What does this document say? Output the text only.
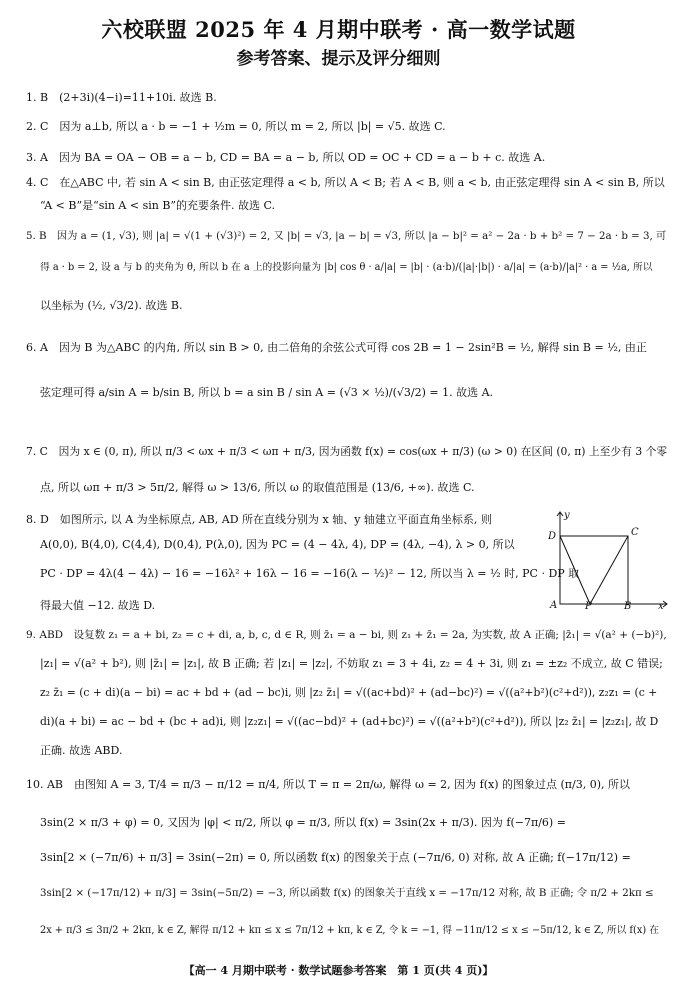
六校联盟 2025 年 4 月期中联考 · 高一数学试题
参考答案、提示及评分细则
1. B　(2+3i)(4−i)=11+10i. 故选 B.
2. C　因为 a⊥b, 所以 a · b = −1 + ½m = 0, 所以 m = 2, 所以 |b| = √5. 故选 C.
3. A　因为 BA = OA − OB = a − b, CD = BA = a − b, 所以 OD = OC + CD = a − b + c. 故选 A.
4. C　在△ABC 中, 若 sin A < sin B, 由正弦定理得 a < b, 所以 A < B; 若 A < B, 则 a < b, 由正弦定理得 sin A < sin B, 所以
“A < B”是“sin A < sin B”的充要条件. 故选 C.
5. B　因为 a = (1, √3), 则 |a| = √(1 + (√3)²) = 2, 又 |b| = √3, |a − b| = √3, 所以 |a − b|² = a² − 2a · b + b² = 7 − 2a · b = 3, 可
得 a · b = 2, 设 a 与 b 的夹角为 θ, 所以 b 在 a 上的投影向量为 |b| cos θ · a/|a| = |b| · (a·b)/(|a|·|b|) · a/|a| = (a·b)/|a|² · a = ½a, 所以
以坐标为 (½, √3/2). 故选 B.
6. A　因为 B 为△ABC 的内角, 所以 sin B > 0, 由二倍角的余弦公式可得 cos 2B = 1 − 2sin²B = ½, 解得 sin B = ½, 由正
弦定理可得 a/sin A = b/sin B, 所以 b = a sin B / sin A = (√3 × ½)/(√3/2) = 1. 故选 A.
7. C　因为 x ∈ (0, π), 所以 π/3 < ωx + π/3 < ωπ + π/3, 因为函数 f(x) = cos(ωx + π/3) (ω > 0) 在区间 (0, π) 上至少有 3 个零
点, 所以 ωπ + π/3 > 5π/2, 解得 ω > 13/6, 所以 ω 的取值范围是 (13/6, +∞). 故选 C.
8. D　如图所示, 以 A 为坐标原点, AB, AD 所在直线分别为 x 轴、y 轴建立平面直角坐标系, 则
A(0,0), B(4,0), C(4,4), D(0,4), P(λ,0), 因为 PC = (4 − 4λ, 4), DP = (4λ, −4), λ > 0, 所以
PC · DP = 4λ(4 − 4λ) − 16 = −16λ² + 16λ − 16 = −16(λ − ½)² − 12, 所以当 λ = ½ 时, PC · DP 取
得最大值 −12. 故选 D.
9. ABD　设复数 z₁ = a + bi, z₂ = c + di, a, b, c, d ∈ R, 则 z̄₁ = a − bi, 则 z₁ + z̄₁ = 2a, 为实数, 故 A 正确; |z̄₁| = √(a² + (−b)²),
|z₁| = √(a² + b²), 则 |z̄₁| = |z₁|, 故 B 正确; 若 |z₁| = |z₂|, 不妨取 z₁ = 3 + 4i, z₂ = 4 + 3i, 则 z₁ = ±z₂ 不成立, 故 C 错误;
z₂ z̄₁ = (c + di)(a − bi) = ac + bd + (ad − bc)i, 则 |z₂ z̄₁| = √((ac+bd)² + (ad−bc)²) = √((a²+b²)(c²+d²)), z₂z₁ = (c +
di)(a + bi) = ac − bd + (bc + ad)i, 则 |z₂z₁| = √((ac−bd)² + (ad+bc)²) = √((a²+b²)(c²+d²)), 所以 |z₂ z̄₁| = |z₂z₁|, 故 D
正确. 故选 ABD.
10. AB　由图知 A = 3, T/4 = π/3 − π/12 = π/4, 所以 T = π = 2π/ω, 解得 ω = 2, 因为 f(x) 的图象过点 (π/3, 0), 所以
3sin(2 × π/3 + φ) = 0, 又因为 |φ| < π/2, 所以 φ = π/3, 所以 f(x) = 3sin(2x + π/3). 因为 f(−7π/6) =
3sin[2 × (−7π/6) + π/3] = 3sin(−2π) = 0, 所以函数 f(x) 的图象关于点 (−7π/6, 0) 对称, 故 A 正确; f(−17π/12) =
3sin[2 × (−17π/12) + π/3] = 3sin(−5π/2) = −3, 所以函数 f(x) 的图象关于直线 x = −17π/12 对称, 故 B 正确; 令 π/2 + 2kπ ≤
2x + π/3 ≤ 3π/2 + 2kπ, k ∈ Z, 解得 π/12 + kπ ≤ x ≤ 7π/12 + kπ, k ∈ Z, 令 k = −1, 得 −11π/12 ≤ x ≤ −5π/12, k ∈ Z, 所以 f(x) 在
y
D	C
A	P	B	x
【高一 4 月期中联考 · 数学试题参考答案　第 1 页(共 4 页)】
